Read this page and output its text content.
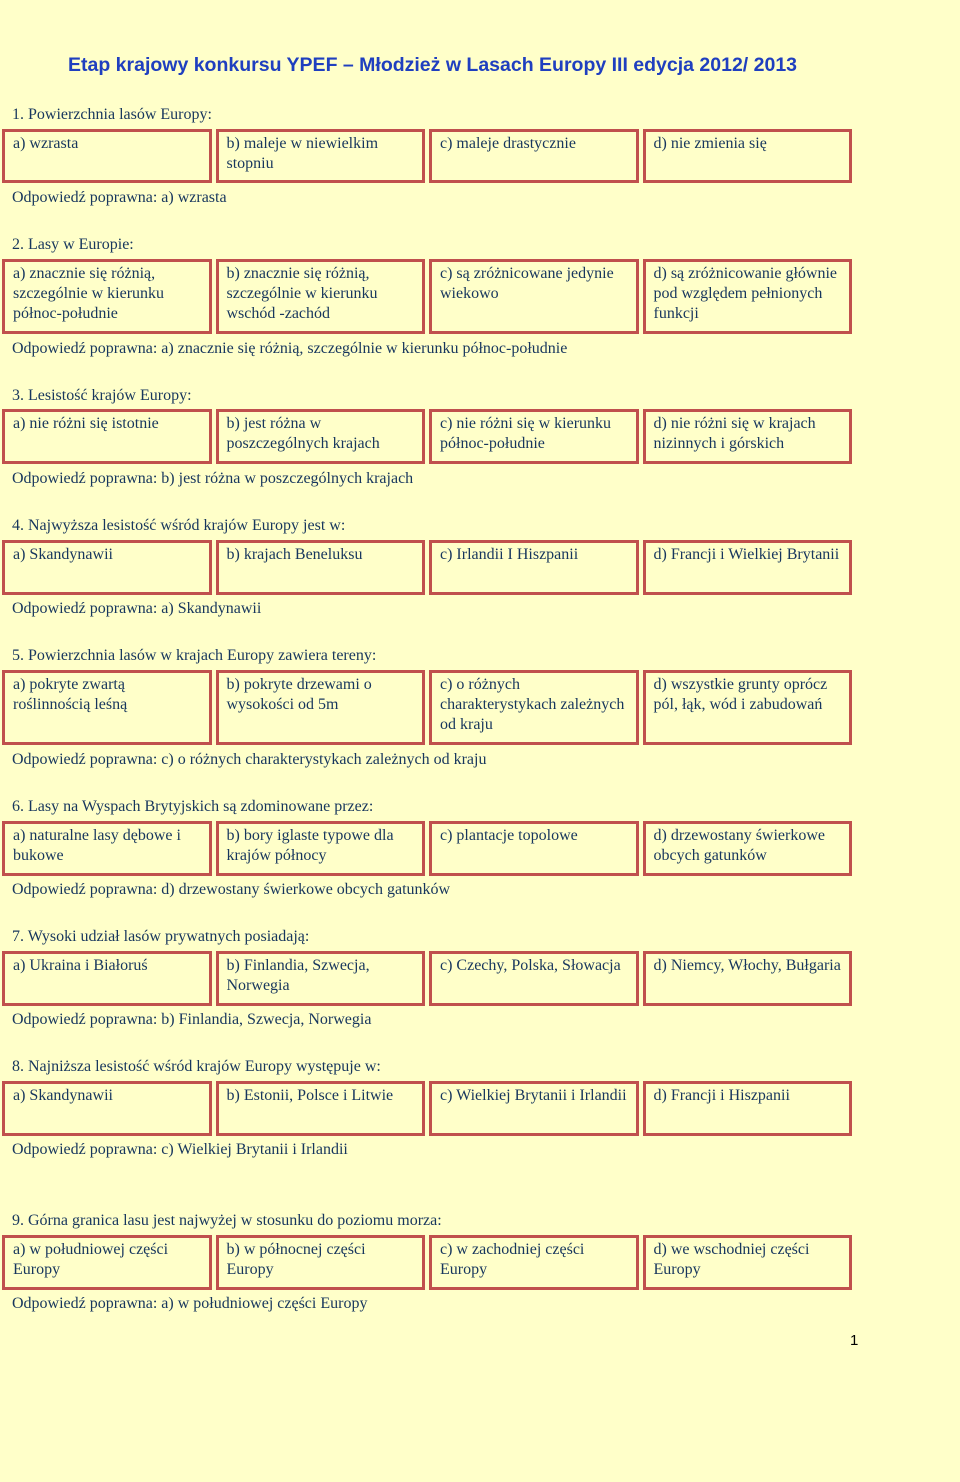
Etap krajowy konkursu YPEF – Młodzież w Lasach Europy III edycja 2012/ 2013
1. Powierzchnia lasów Europy:
a) wzrasta	b) maleje w niewielkim stopniu
c) maleje drastycznie	d) nie zmienia się
Odpowiedź poprawna: a) wzrasta
2. Lasy w Europie:
a) znacznie się różnią, szczególnie w kierunku północ-południe
b) znacznie się różnią, szczególnie w kierunku wschód -zachód
c) są zróżnicowane jedynie wiekowo
d) są zróżnicowanie głównie pod względem pełnionych funkcji
Odpowiedź poprawna: a) znacznie się różnią, szczególnie w kierunku północ-południe
3. Lesistość krajów Europy:
a) nie różni się istotnie	b) jest różna w poszczególnych krajach
c) nie różni się w kierunku północ-południe
d) nie różni się w krajach nizinnych i górskich
Odpowiedź poprawna: b) jest różna w poszczególnych krajach
4. Najwyższa lesistość wśród krajów Europy jest w:
a) Skandynawii	b) krajach Beneluksu	c) Irlandii I Hiszpanii	d) Francji i Wielkiej Brytanii
Odpowiedź poprawna: a) Skandynawii
5. Powierzchnia lasów w krajach Europy zawiera tereny:
a) pokryte zwartą roślinnością leśną
b) pokryte drzewami o wysokości od 5m
c) o różnych charakterystykach zależnych od kraju
d) wszystkie grunty oprócz pól, łąk, wód i zabudowań
Odpowiedź poprawna: c) o różnych charakterystykach zależnych od kraju
6. Lasy na Wyspach Brytyjskich są zdominowane przez:
a) naturalne lasy dębowe i bukowe
b) bory iglaste typowe dla krajów północy
c) plantacje topolowe	d) drzewostany świerkowe obcych gatunków
Odpowiedź poprawna: d) drzewostany świerkowe obcych gatunków
7. Wysoki udział lasów prywatnych posiadają:
a) Ukraina i Białoruś	b) Finlandia, Szwecja, Norwegia
c) Czechy, Polska, Słowacja	d) Niemcy, Włochy, Bułgaria
Odpowiedź poprawna: b) Finlandia, Szwecja, Norwegia
8. Najniższa lesistość wśród krajów Europy występuje w:
a) Skandynawii	b) Estonii, Polsce i Litwie	c) Wielkiej Brytanii i Irlandii	d) Francji i Hiszpanii
Odpowiedź poprawna: c) Wielkiej Brytanii i Irlandii
9. Górna granica lasu jest najwyżej w stosunku do poziomu morza:
a) w południowej części Europy
b) w północnej części Europy
c) w zachodniej części Europy
d) we wschodniej części Europy
Odpowiedź poprawna: a) w południowej części Europy
1
